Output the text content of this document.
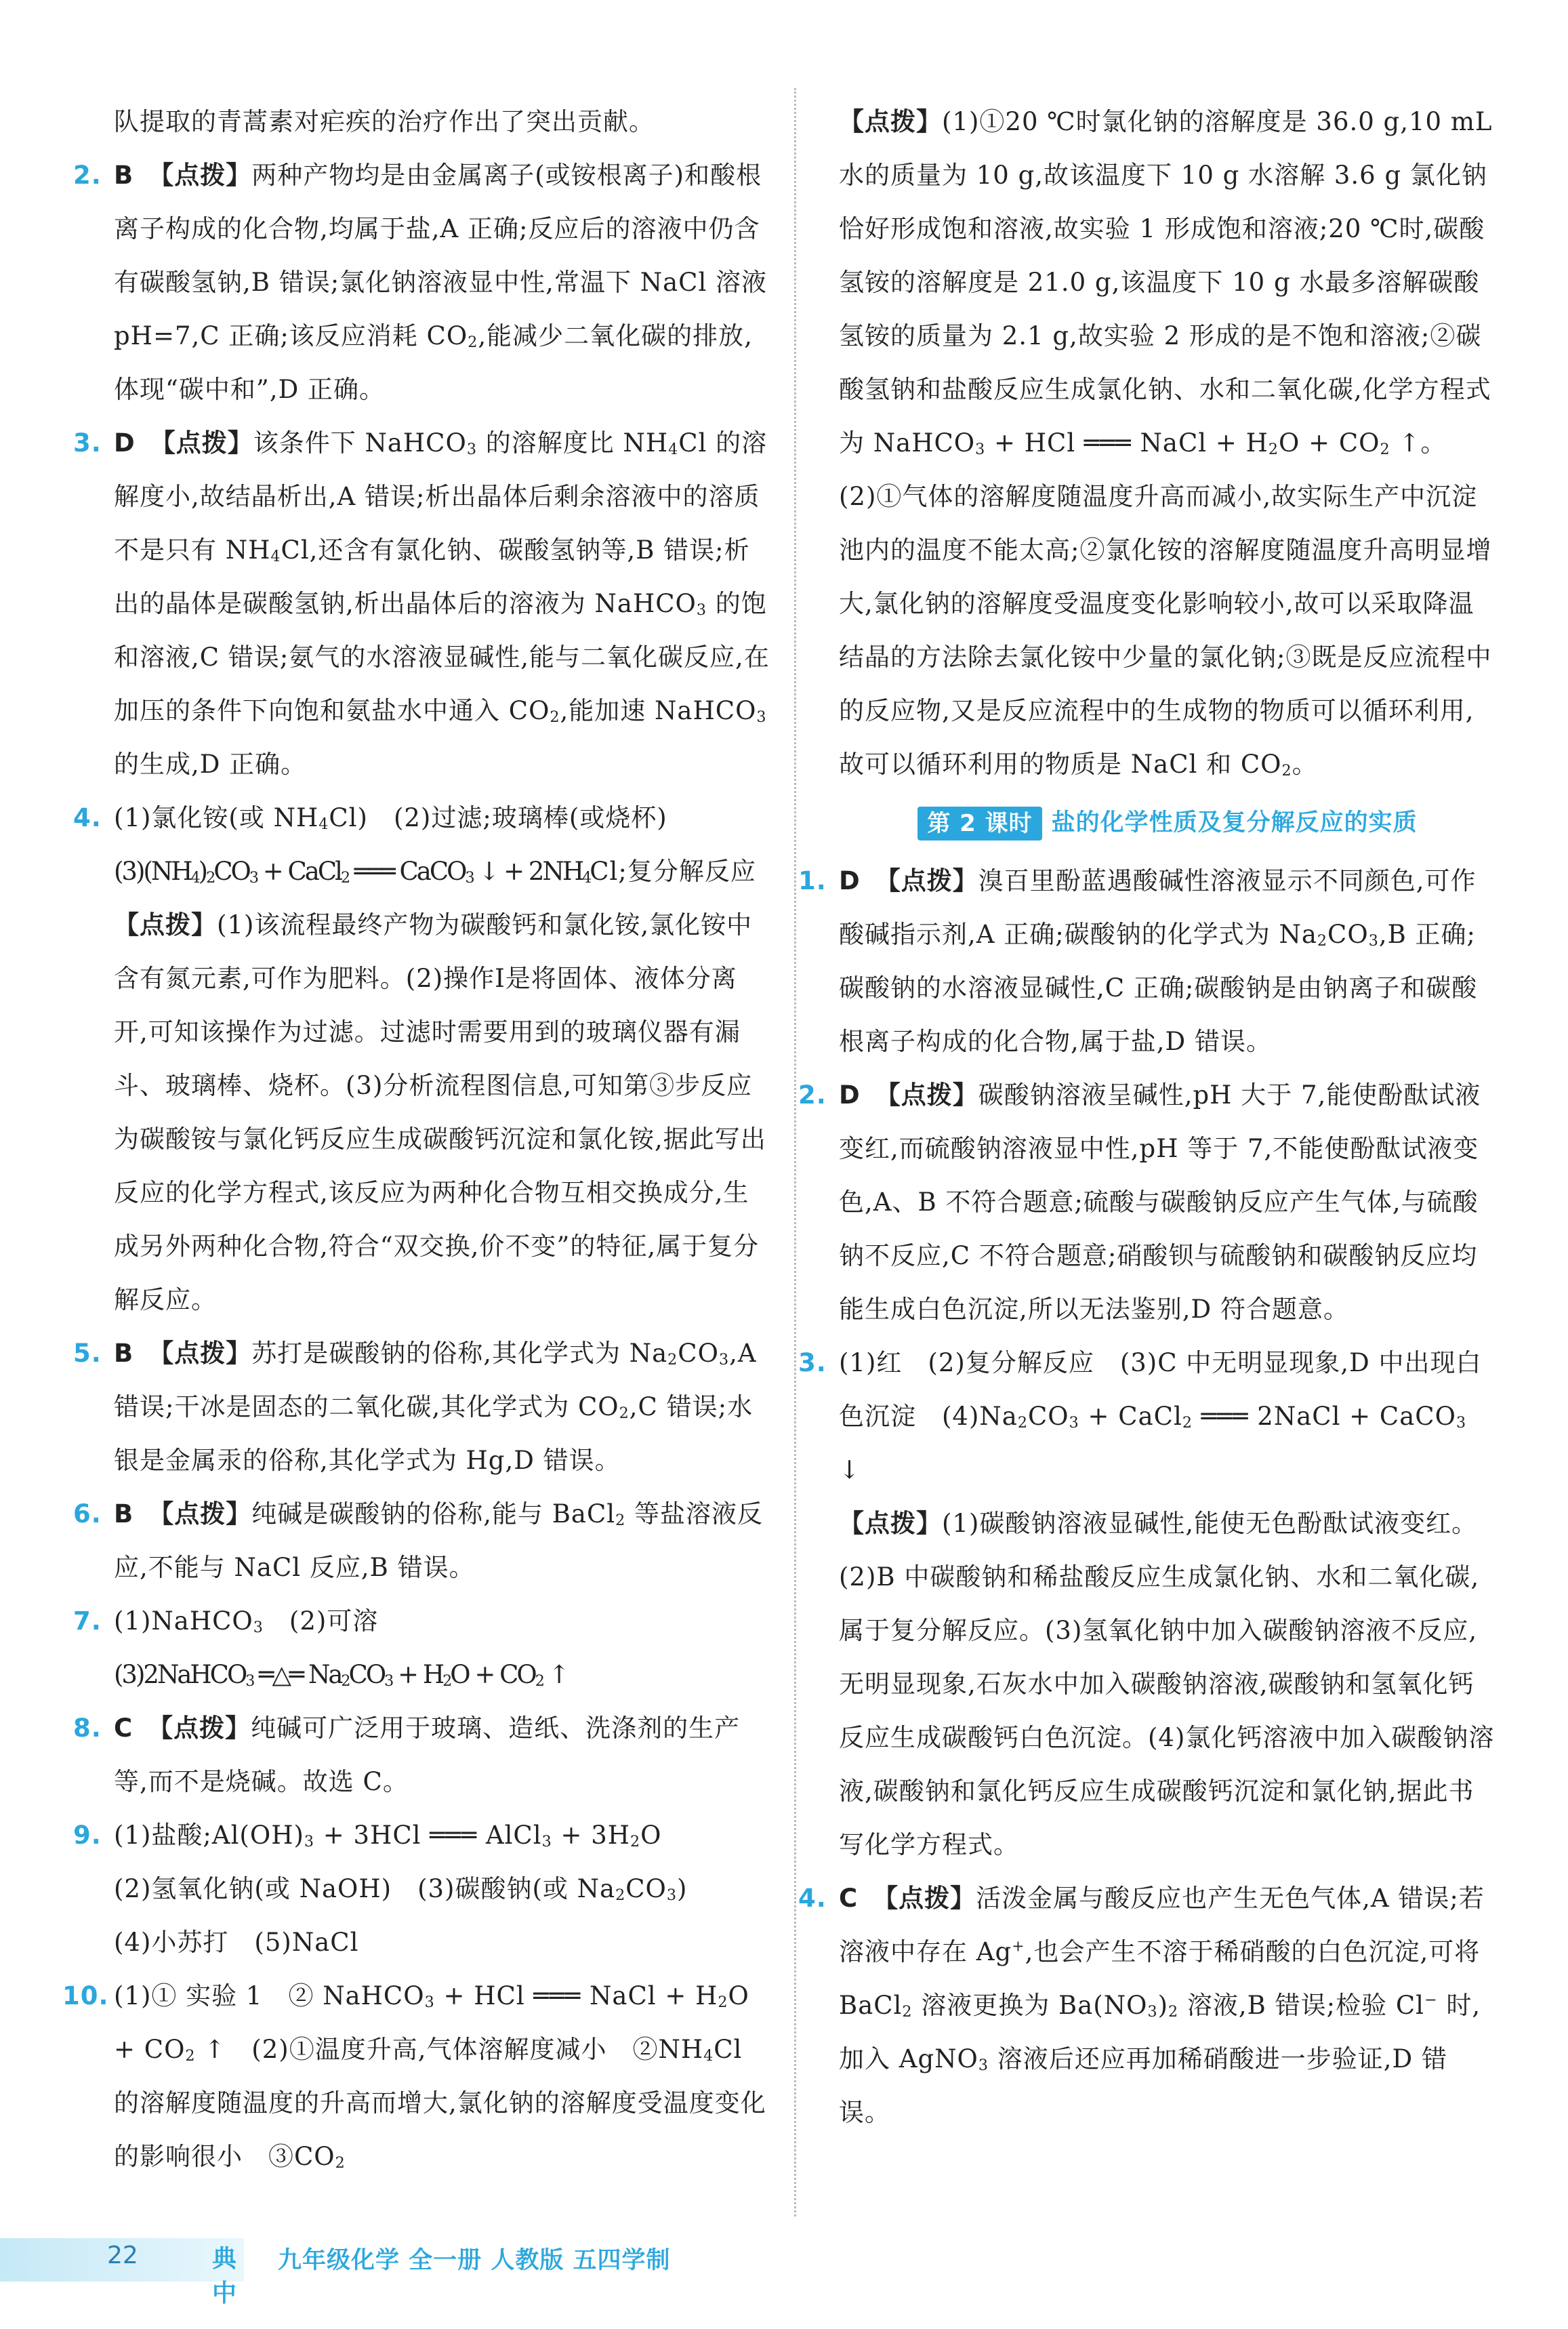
队提取的青蒿素对疟疾的治疗作出了突出贡献。

2. B 【点拨】两种产物均是由金属离子(或铵根离子)和酸根离子构成的化合物,均属于盐,A 正确;反应后的溶液中仍含有碳酸氢钠,B 错误;氯化钠溶液显中性,常温下 NaCl 溶液 pH=7,C 正确;该反应消耗 $CO_2$,能减少二氧化碳的排放,体现“碳中和”,D 正确。

3. D 【点拨】该条件下 NaHCO$_3$ 的溶解度比 $NH_4Cl$ 的溶解度小,故结晶析出,A 错误;析出晶体后剩余溶液中的溶质不是只有 $NH_4Cl$,还含有氯化钠、碳酸氢钠等,B 错误;析出的晶体是碳酸氢钠,析出晶体后的溶液为 NaHCO$_3$ 的饱和溶液,C 错误;氨气的水溶液显碱性,能与二氧化碳反应,在加压的条件下向饱和氨盐水中通入 $CO_2$,能加速 NaHCO$_3$ 的生成,D 正确。

4. (1)氯化铵(或 $NH_4Cl$)　(2)过滤;玻璃棒(或烧杯)

$(3)(NH_4)_2CO_3$ + CaCl$_2$ ═══ CaCO$_3$ ↓ + $2NH_4Cl$;复分解反应

【点拨】(1)该流程最终产物为碳酸钙和氯化铵,氯化铵中含有氮元素,可作为肥料。(2)操作Ⅰ是将固体、液体分离开,可知该操作为过滤。过滤时需要用到的玻璃仪器有漏斗、玻璃棒、烧杯。(3)分析流程图信息,可知第③步反应为碳酸铵与氯化钙反应生成碳酸钙沉淀和氯化铵,据此写出反应的化学方程式,该反应为两种化合物互相交换成分,生成另外两种化合物,符合“双交换,价不变”的特征,属于复分解反应。

5. B 【点拨】苏打是碳酸钠的俗称,其化学式为 $Na_2CO_3,A$ 错误;干冰是固态的二氧化碳,其化学式为 $CO_2,C$ 错误;水银是金属汞的俗称,其化学式为 Hg,D 错误。

6. B 【点拨】纯碱是碳酸钠的俗称,能与 BaCl$_2$ 等盐溶液反应,不能与 NaCl 反应,B 错误。

7. (1)NaHCO$_3$　(2)可溶

(3)2NaHCO$_3$ ═△═ $Na_2CO_3 + H_2O + CO_2$ ↑

8. C 【点拨】纯碱可广泛用于玻璃、造纸、洗涤剂的生产等,而不是烧碱。故选 C。

9. (1)盐酸$;Al(OH)_3 + 3HCl$ ═══ AlCl$_3$ + $3H_2O$

(2)氢氧化钠(或 NaOH)　(3)碳酸钠(或 $Na_2CO_3$)

(4)小苏打　(5)NaCl

10. (1)① 实验 1　② NaHCO$_3$ + HCl ═══ NaCl + $H_2O + CO_2$ ↑　(2)①温度升高,气体溶解度减小　$②NH_4Cl$ 的溶解度随温度的升高而增大,氯化钠的溶解度受温度变化的影响很小　$③CO_2$

【点拨】(1)①20 ℃时氯化钠的溶解度是 36.0 g,10 mL 水的质量为 10 g,故该温度下 10 g 水溶解 3.6 g 氯化钠恰好形成饱和溶液,故实验 1 形成饱和溶液;20 ℃时,碳酸氢铵的溶解度是 21.0 g,该温度下 10 g 水最多溶解碳酸氢铵的质量为 2.1 g,故实验 2 形成的是不饱和溶液;②碳酸氢钠和盐酸反应生成氯化钠、水和二氧化碳,化学方程式为 NaHCO$_3$ + HCl ═══ NaCl + $H_2O + CO_2$ ↑。

(2)①气体的溶解度随温度升高而减小,故实际生产中沉淀池内的温度不能太高;②氯化铵的溶解度随温度升高明显增大,氯化钠的溶解度受温度变化影响较小,故可以采取降温结晶的方法除去氯化铵中少量的氯化钠;③既是反应流程中的反应物,又是反应流程中的生成物的物质可以循环利用,故可以循环利用的物质是 NaCl 和 $CO_2$。

第 2 课时 盐的化学性质及复分解反应的实质

1. D 【点拨】溴百里酚蓝遇酸碱性溶液显示不同颜色,可作酸碱指示剂,A 正确;碳酸钠的化学式为 $Na_2CO_3,B$ 正确;碳酸钠的水溶液显碱性,C 正确;碳酸钠是由钠离子和碳酸根离子构成的化合物,属于盐,D 错误。

2. D 【点拨】碳酸钠溶液呈碱性,pH 大于 7,能使酚酞试液变红,而硫酸钠溶液显中性,pH 等于 7,不能使酚酞试液变色,A、B 不符合题意;硫酸与碳酸钠反应产生气体,与硫酸钠不反应,C 不符合题意;硝酸钡与硫酸钠和碳酸钠反应均能生成白色沉淀,所以无法鉴别,D 符合题意。

3. (1)红　(2)复分解反应　(3)C 中无明显现象,D 中出现白色沉淀　$(4)Na_2CO_3$ + CaCl$_2$ ═══ 2NaCl + CaCO$_3$ ↓

【点拨】(1)碳酸钠溶液显碱性,能使无色酚酞试液变红。(2)B 中碳酸钠和稀盐酸反应生成氯化钠、水和二氧化碳,属于复分解反应。(3)氢氧化钠中加入碳酸钠溶液不反应,无明显现象,石灰水中加入碳酸钠溶液,碳酸钠和氢氧化钙反应生成碳酸钙白色沉淀。(4)氯化钙溶液中加入碳酸钠溶液,碳酸钠和氯化钙反应生成碳酸钙沉淀和氯化钠,据此书写化学方程式。

4. C 【点拨】活泼金属与酸反应也产生无色气体,A 错误;若溶液中存在 Ag+,也会产生不溶于稀硝酸的白色沉淀,可将 BaCl$_2$ 溶液更换为 $Ba(NO_3)_2$ 溶液,B 错误;检验 Cl− 时,加入 AgNO$_3$ 溶液后还应再加稀硝酸进一步验证,D 错误。

22	典中
九年级化学 全一册 人教版 五四学制
